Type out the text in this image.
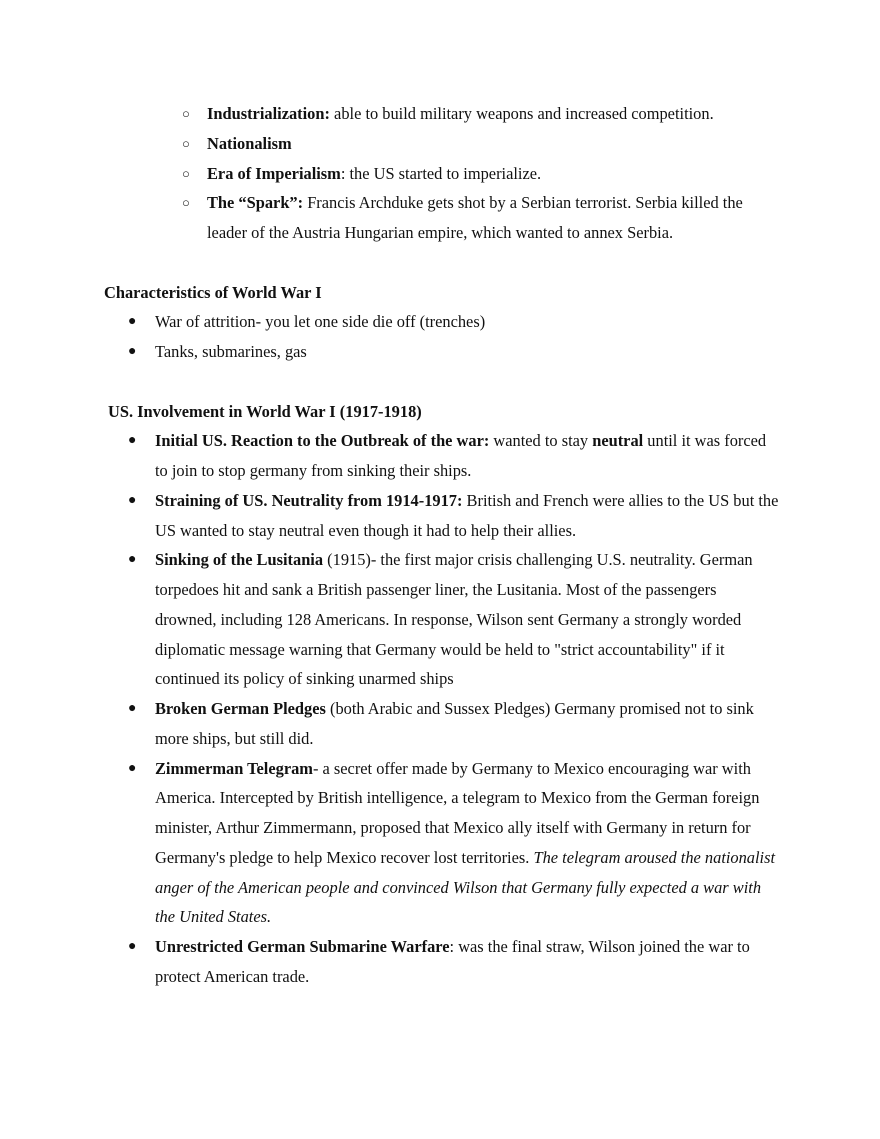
○ Industrialization: able to build military weapons and increased competition.
○ Nationalism
○ Era of Imperialism: the US started to imperialize.
○ The “Spark”: Francis Archduke gets shot by a Serbian terrorist. Serbia killed the leader of the Austria Hungarian empire, which wanted to annex Serbia.
Characteristics of World War I
● War of attrition- you let one side die off (trenches)
● Tanks, submarines, gas
US. Involvement in World War I (1917-1918)
● Initial US. Reaction to the Outbreak of the war: wanted to stay neutral until it was forced to join to stop germany from sinking their ships.
● Straining of US. Neutrality from 1914-1917: British and French were allies to the US but the US wanted to stay neutral even though it had to help their allies.
● Sinking of the Lusitania (1915)- the first major crisis challenging U.S. neutrality. German torpedoes hit and sank a British passenger liner, the Lusitania. Most of the passengers drowned, including 128 Americans. In response, Wilson sent Germany a strongly worded diplomatic message warning that Germany would be held to "strict accountability" if it continued its policy of sinking unarmed ships
● Broken German Pledges (both Arabic and Sussex Pledges) Germany promised not to sink more ships, but still did.
● Zimmerman Telegram- a secret offer made by Germany to Mexico encouraging war with America. Intercepted by British intelligence, a telegram to Mexico from the German foreign minister, Arthur Zimmermann, proposed that Mexico ally itself with Germany in return for Germany's pledge to help Mexico recover lost territories. The telegram aroused the nationalist anger of the American people and convinced Wilson that Germany fully expected a war with the United States.
● Unrestricted German Submarine Warfare: was the final straw, Wilson joined the war to protect American trade.
